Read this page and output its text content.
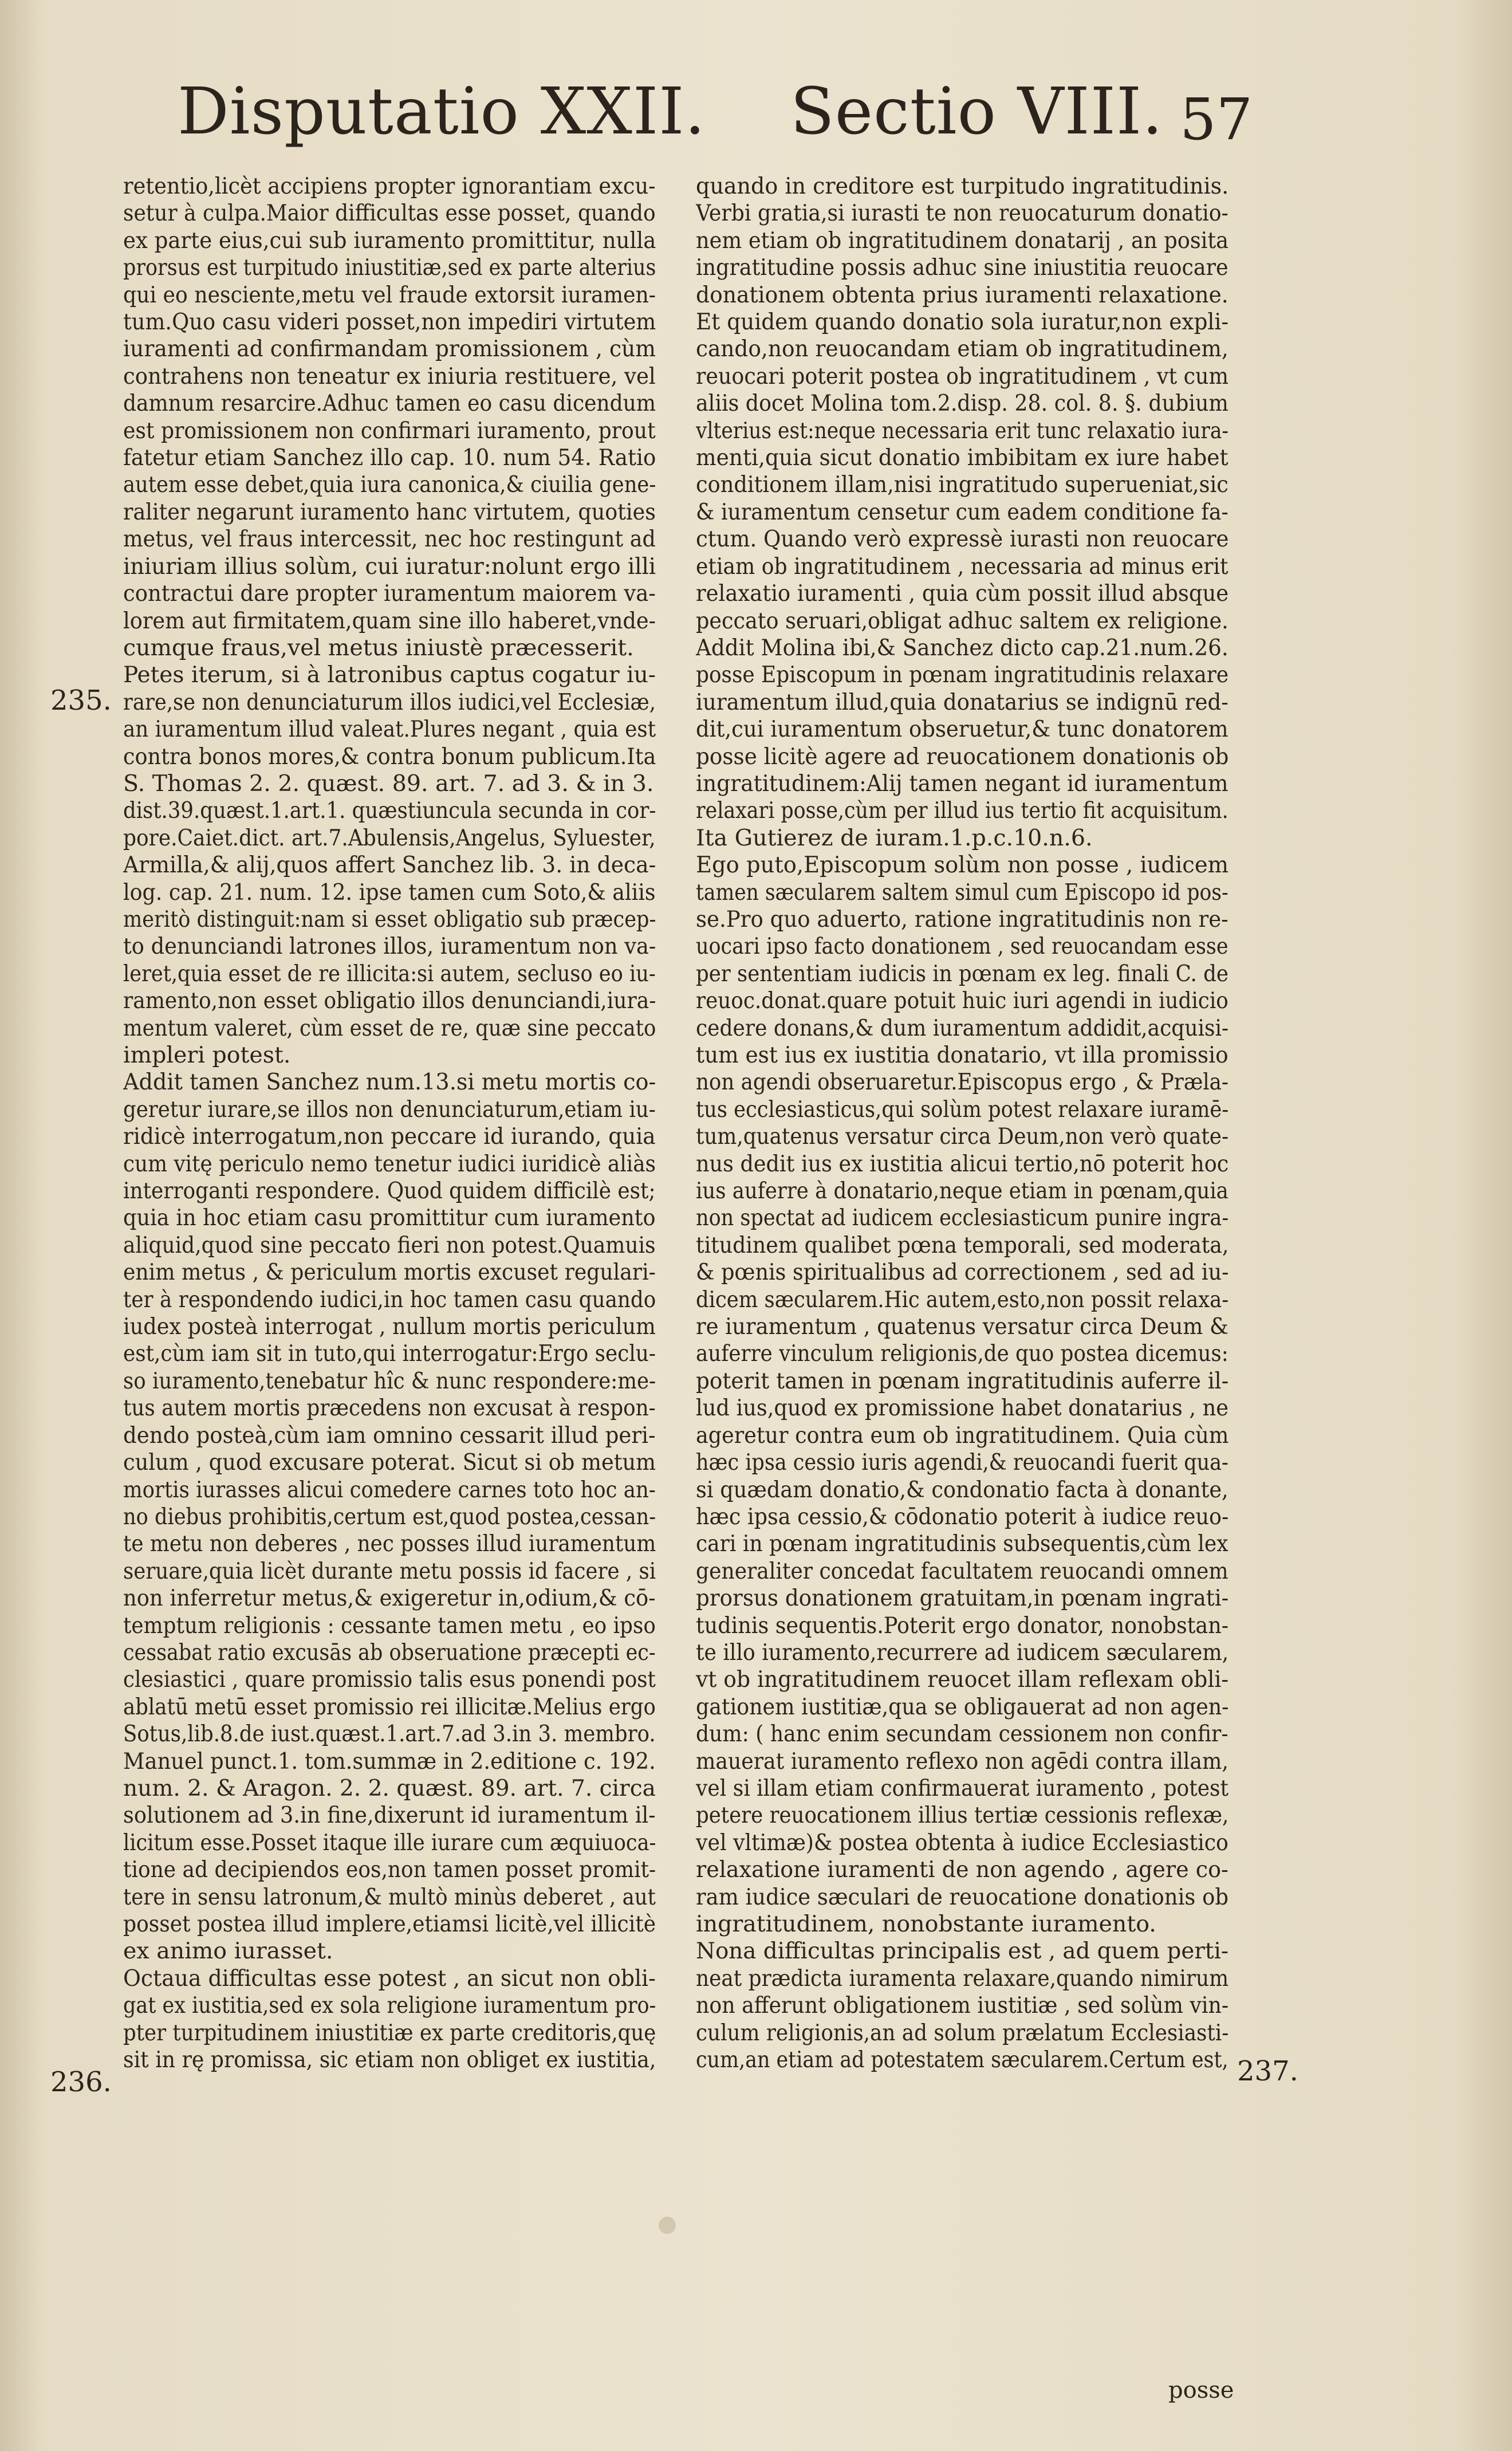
Disputatio XXII. Sectio VIII. 57
235.
236.	237.
retentio,licèt accipiens propter ignorantiam excu-
setur à culpa.Maior difficultas esse posset, quando
ex parte eius,cui sub iuramento promittitur, nulla
prorsus est turpitudo iniustitiæ,sed ex parte alterius
qui eo nesciente,metu vel fraude extorsit iuramen-
tum.Quo casu videri posset,non impediri virtutem
iuramenti ad confirmandam promissionem , cùm
contrahens non teneatur ex iniuria restituere, vel
damnum resarcire.Adhuc tamen eo casu dicendum
est promissionem non confirmari iuramento, prout
fatetur etiam Sanchez illo cap. 10. num 54. Ratio
autem esse debet,quia iura canonica,& ciuilia gene-
raliter negarunt iuramento hanc virtutem, quoties
metus, vel fraus intercessit, nec hoc restingunt ad
iniuriam illius solùm, cui iuratur:nolunt ergo illi
contractui dare propter iuramentum maiorem va-
lorem aut firmitatem,quam sine illo haberet,vnde-
cumque fraus,vel metus iniustè præcesserit.
Petes iterum, si à latronibus captus cogatur iu-
rare,se non denunciaturum illos iudici,vel Ecclesiæ,
an iuramentum illud valeat.Plures negant , quia est
contra bonos mores,& contra bonum publicum.Ita
S. Thomas 2. 2. quæst. 89. art. 7. ad 3. & in 3.
dist.39.quæst.1.art.1. quæstiuncula secunda in cor-
pore.Caiet.dict. art.7.Abulensis,Angelus, Syluester,
Armilla,& alij,quos affert Sanchez lib. 3. in deca-
log. cap. 21. num. 12. ipse tamen cum Soto,& aliis
meritò distinguit:nam si esset obligatio sub præcep-
to denunciandi latrones illos, iuramentum non va-
leret,quia esset de re illicita:si autem, secluso eo iu-
ramento,non esset obligatio illos denunciandi,iura-
mentum valeret, cùm esset de re, quæ sine peccato
impleri potest.
Addit tamen Sanchez num.13.si metu mortis co-
geretur iurare,se illos non denunciaturum,etiam iu-
ridicè interrogatum,non peccare id iurando, quia
cum vitę periculo nemo tenetur iudici iuridicè aliàs
interroganti respondere. Quod quidem difficilè est;
quia in hoc etiam casu promittitur cum iuramento
aliquid,quod sine peccato fieri non potest.Quamuis
enim metus , & periculum mortis excuset regulari-
ter à respondendo iudici,in hoc tamen casu quando
iudex posteà interrogat , nullum mortis periculum
est,cùm iam sit in tuto,qui interrogatur:Ergo seclu-
so iuramento,tenebatur hîc & nunc respondere:me-
tus autem mortis præcedens non excusat à respon-
dendo posteà,cùm iam omnino cessarit illud peri-
culum , quod excusare poterat. Sicut si ob metum
mortis iurasses alicui comedere carnes toto hoc an-
no diebus prohibitis,certum est,quod postea,cessan-
te metu non deberes , nec posses illud iuramentum
seruare,quia licèt durante metu possis id facere , si
non inferretur metus,& exigeretur in,odium,& cō-
temptum religionis : cessante tamen metu , eo ipso
cessabat ratio excusās ab obseruatione præcepti ec-
clesiastici , quare promissio talis esus ponendi post
ablatū metū esset promissio rei illicitæ.Melius ergo
Sotus,lib.8.de iust.quæst.1.art.7.ad 3.in 3. membro.
Manuel punct.1. tom.summæ in 2.editione c. 192.
num. 2. & Aragon. 2. 2. quæst. 89. art. 7. circa
solutionem ad 3.in fine,dixerunt id iuramentum il-
licitum esse.Posset itaque ille iurare cum æquiuoca-
tione ad decipiendos eos,non tamen posset promit-
tere in sensu latronum,& multò minùs deberet , aut
posset postea illud implere,etiamsi licitè,vel illicitè
ex animo iurasset.
Octaua difficultas esse potest , an sicut non obli-
gat ex iustitia,sed ex sola religione iuramentum pro-
pter turpitudinem iniustitiæ ex parte creditoris,quę
sit in rę promissa, sic etiam non obliget ex iustitia,
quando in creditore est turpitudo ingratitudinis.
Verbi gratia,si iurasti te non reuocaturum donatio-
nem etiam ob ingratitudinem donatarij , an posita
ingratitudine possis adhuc sine iniustitia reuocare
donationem obtenta prius iuramenti relaxatione.
Et quidem quando donatio sola iuratur,non expli-
cando,non reuocandam etiam ob ingratitudinem,
reuocari poterit postea ob ingratitudinem , vt cum
aliis docet Molina tom.2.disp. 28. col. 8. §. dubium
vlterius est:neque necessaria erit tunc relaxatio iura-
menti,quia sicut donatio imbibitam ex iure habet
conditionem illam,nisi ingratitudo superueniat,sic
& iuramentum censetur cum eadem conditione fa-
ctum. Quando verò expressè iurasti non reuocare
etiam ob ingratitudinem , necessaria ad minus erit
relaxatio iuramenti , quia cùm possit illud absque
peccato seruari,obligat adhuc saltem ex religione.
Addit Molina ibi,& Sanchez dicto cap.21.num.26.
posse Episcopum in pœnam ingratitudinis relaxare
iuramentum illud,quia donatarius se indignū red-
dit,cui iuramentum obseruetur,& tunc donatorem
posse licitè agere ad reuocationem donationis ob
ingratitudinem:Alij tamen negant id iuramentum
relaxari posse,cùm per illud ius tertio fit acquisitum.
Ita Gutierez de iuram.1.p.c.10.n.6.
Ego puto,Episcopum solùm non posse , iudicem
tamen sæcularem saltem simul cum Episcopo id pos-
se.Pro quo aduerto, ratione ingratitudinis non re-
uocari ipso facto donationem , sed reuocandam esse
per sententiam iudicis in pœnam ex leg. finali C. de
reuoc.donat.quare potuit huic iuri agendi in iudicio
cedere donans,& dum iuramentum addidit,acquisi-
tum est ius ex iustitia donatario, vt illa promissio
non agendi obseruaretur.Episcopus ergo , & Præla-
tus ecclesiasticus,qui solùm potest relaxare iuramē-
tum,quatenus versatur circa Deum,non verò quate-
nus dedit ius ex iustitia alicui tertio,nō poterit hoc
ius auferre à donatario,neque etiam in pœnam,quia
non spectat ad iudicem ecclesiasticum punire ingra-
titudinem qualibet pœna temporali, sed moderata,
& pœnis spiritualibus ad correctionem , sed ad iu-
dicem sæcularem.Hic autem,esto,non possit relaxa-
re iuramentum , quatenus versatur circa Deum &
auferre vinculum religionis,de quo postea dicemus:
poterit tamen in pœnam ingratitudinis auferre il-
lud ius,quod ex promissione habet donatarius , ne
ageretur contra eum ob ingratitudinem. Quia cùm
hæc ipsa cessio iuris agendi,& reuocandi fuerit qua-
si quædam donatio,& condonatio facta à donante,
hæc ipsa cessio,& cōdonatio poterit à iudice reuo-
cari in pœnam ingratitudinis subsequentis,cùm lex
generaliter concedat facultatem reuocandi omnem
prorsus donationem gratuitam,in pœnam ingrati-
tudinis sequentis.Poterit ergo donator, nonobstan-
te illo iuramento,recurrere ad iudicem sæcularem,
vt ob ingratitudinem reuocet illam reflexam obli-
gationem iustitiæ,qua se obligauerat ad non agen-
dum: ( hanc enim secundam cessionem non confir-
mauerat iuramento reflexo non agēdi contra illam,
vel si illam etiam confirmauerat iuramento , potest
petere reuocationem illius tertiæ cessionis reflexæ,
vel vltimæ)& postea obtenta à iudice Ecclesiastico
relaxatione iuramenti de non agendo , agere co-
ram iudice sæculari de reuocatione donationis ob
ingratitudinem, nonobstante iuramento.
Nona difficultas principalis est , ad quem perti-
neat prædicta iuramenta relaxare,quando nimirum
non afferunt obligationem iustitiæ , sed solùm vin-
culum religionis,an ad solum prælatum Ecclesiasti-
cum,an etiam ad potestatem sæcularem.Certum est,
posse
